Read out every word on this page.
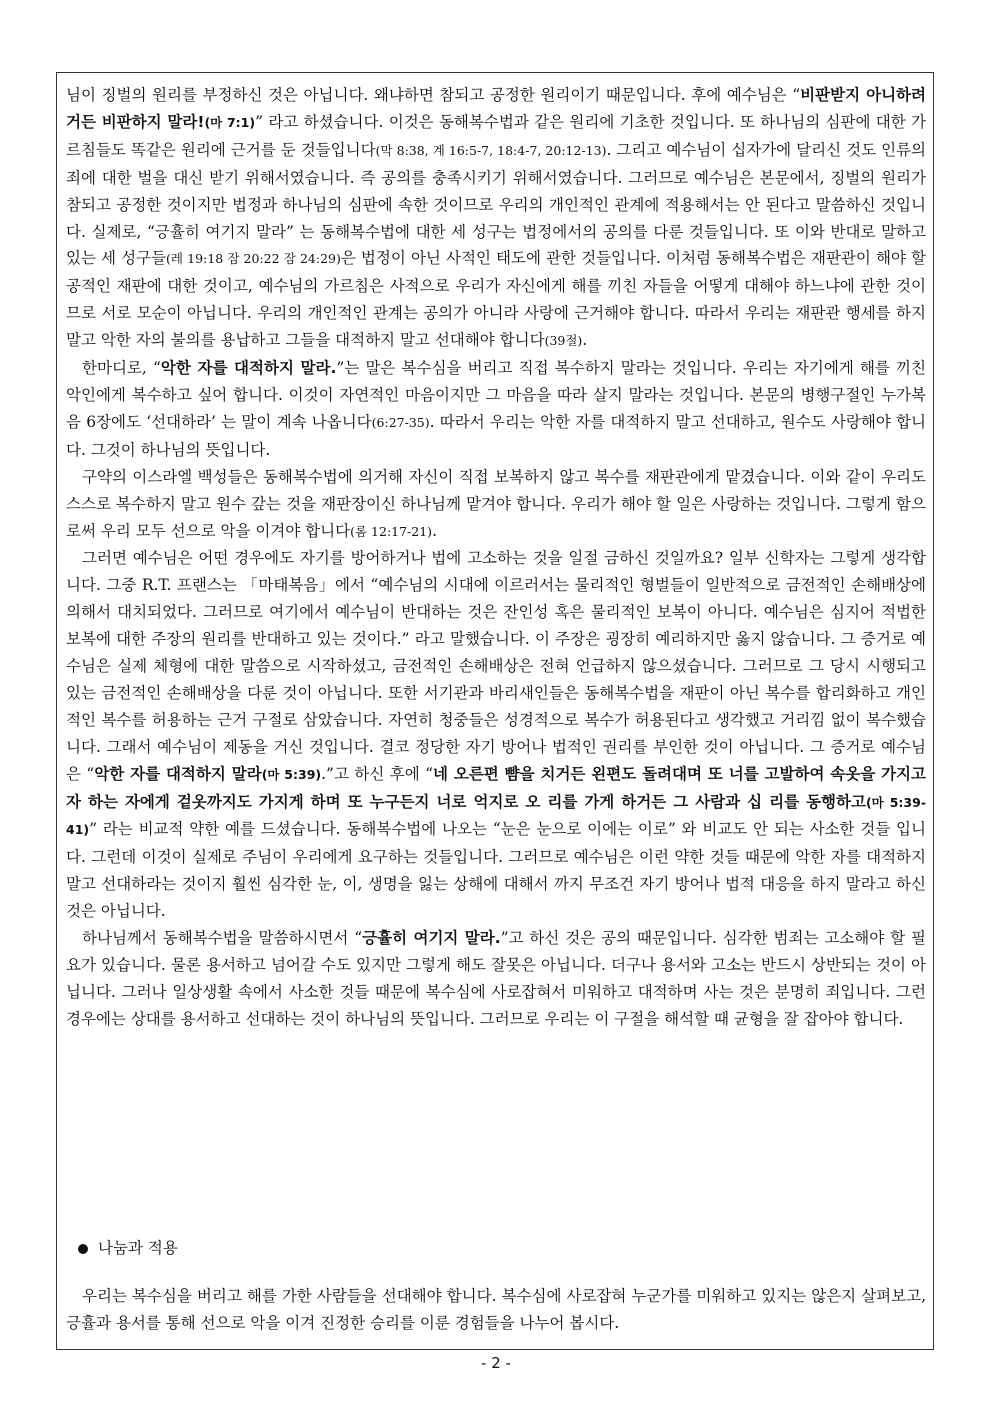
님이 징벌의 원리를 부정하신 것은 아닙니다. 왜냐하면 참되고 공정한 원리이기 때문입니다. 후에 예수님은 “비판받지 아니하려거든 비판하지 말라!(마 7:1)” 라고 하셨습니다. 이것은 동해복수법과 같은 원리에 기초한 것입니다. 또 하나님의 심판에 대한 가르침들도 똑같은 원리에 근거를 둔 것들입니다(막 8:38, 계 16:5-7, 18:4-7, 20:12-13). 그리고 예수님이 십자가에 달리신 것도 인류의 죄에 대한 벌을 대신 받기 위해서였습니다. 즉 공의를 충족시키기 위해서였습니다. 그러므로 예수님은 본문에서, 징벌의 원리가 참되고 공정한 것이지만 법정과 하나님의 심판에 속한 것이므로 우리의 개인적인 관계에 적용해서는 안 된다고 말씀하신 것입니다. 실제로, “긍휼히 여기지 말라” 는 동해복수법에 대한 세 성구는 법정에서의 공의를 다룬 것들입니다. 또 이와 반대로 말하고 있는 세 성구들(레 19:18 잠 20:22 잠 24:29)은 법정이 아닌 사적인 태도에 관한 것들입니다. 이처럼 동해복수법은 재판관이 해야 할 공적인 재판에 대한 것이고, 예수님의 가르침은 사적으로 우리가 자신에게 해를 끼친 자들을 어떻게 대해야 하느냐에 관한 것이므로 서로 모순이 아닙니다. 우리의 개인적인 관계는 공의가 아니라 사랑에 근거해야 합니다. 따라서 우리는 재판관 행세를 하지 말고 악한 자의 불의를 용납하고 그들을 대적하지 말고 선대해야 합니다(39절).

한마디로, “악한 자를 대적하지 말라.”는 말은 복수심을 버리고 직접 복수하지 말라는 것입니다. 우리는 자기에게 해를 끼친 악인에게 복수하고 싶어 합니다. 이것이 자연적인 마음이지만 그 마음을 따라 살지 말라는 것입니다. 본문의 병행구절인 누가복음 6장에도 ‘선대하라’ 는 말이 계속 나옵니다(6:27-35). 따라서 우리는 악한 자를 대적하지 말고 선대하고, 원수도 사랑해야 합니다. 그것이 하나님의 뜻입니다.

구약의 이스라엘 백성들은 동해복수법에 의거해 자신이 직접 보복하지 않고 복수를 재판관에게 맡겼습니다. 이와 같이 우리도 스스로 복수하지 말고 원수 갚는 것을 재판장이신 하나님께 맡겨야 합니다. 우리가 해야 할 일은 사랑하는 것입니다. 그렇게 함으로써 우리 모두 선으로 악을 이겨야 합니다(롬 12:17-21).

그러면 예수님은 어떤 경우에도 자기를 방어하거나 법에 고소하는 것을 일절 금하신 것일까요? 일부 신학자는 그렇게 생각합니다. 그중 R.T. 프랜스는 「마태복음」에서 “예수님의 시대에 이르러서는 물리적인 형벌들이 일반적으로 금전적인 손해배상에 의해서 대치되었다. 그러므로 여기에서 예수님이 반대하는 것은 잔인성 혹은 물리적인 보복이 아니다. 예수님은 심지어 적법한 보복에 대한 주장의 원리를 반대하고 있는 것이다.” 라고 말했습니다. 이 주장은 굉장히 예리하지만 옳지 않습니다. 그 증거로 예수님은 실제 체형에 대한 말씀으로 시작하셨고, 금전적인 손해배상은 전혀 언급하지 않으셨습니다. 그러므로 그 당시 시행되고 있는 금전적인 손해배상을 다룬 것이 아닙니다. 또한 서기관과 바리새인들은 동해복수법을 재판이 아닌 복수를 합리화하고 개인적인 복수를 허용하는 근거 구절로 삼았습니다. 자연히 청중들은 성경적으로 복수가 허용된다고 생각했고 거리낌 없이 복수했습니다. 그래서 예수님이 제동을 거신 것입니다. 결코 정당한 자기 방어나 법적인 권리를 부인한 것이 아닙니다. 그 증거로 예수님은 “악한 자를 대적하지 말라(마 5:39).”고 하신 후에 “네 오른편 뺨을 치거든 왼편도 돌려대며 또 너를 고발하여 속옷을 가지고자 하는 자에게 겉옷까지도 가지게 하며 또 누구든지 너로 억지로 오 리를 가게 하거든 그 사람과 십 리를 동행하고(마 5:39-41)” 라는 비교적 약한 예를 드셨습니다. 동해복수법에 나오는 “눈은 눈으로 이에는 이로” 와 비교도 안 되는 사소한 것들 입니다. 그런데 이것이 실제로 주님이 우리에게 요구하는 것들입니다. 그러므로 예수님은 이런 약한 것들 때문에 악한 자를 대적하지 말고 선대하라는 것이지 훨씬 심각한 눈, 이, 생명을 잃는 상해에 대해서 까지 무조건 자기 방어나 법적 대응을 하지 말라고 하신 것은 아닙니다.

하나님께서 동해복수법을 말씀하시면서 “긍휼히 여기지 말라.”고 하신 것은 공의 때문입니다. 심각한 범죄는 고소해야 할 필요가 있습니다. 물론 용서하고 넘어갈 수도 있지만 그렇게 해도 잘못은 아닙니다. 더구나 용서와 고소는 반드시 상반되는 것이 아닙니다. 그러나 일상생활 속에서 사소한 것들 때문에 복수심에 사로잡혀서 미워하고 대적하며 사는 것은 분명히 죄입니다. 그런 경우에는 상대를 용서하고 선대하는 것이 하나님의 뜻입니다. 그러므로 우리는 이 구절을 해석할 때 균형을 잘 잡아야 합니다.

나눔과 적용

우리는 복수심을 버리고 해를 가한 사람들을 선대해야 합니다. 복수심에 사로잡혀 누군가를 미워하고 있지는 않은지 살펴보고, 긍휼과 용서를 통해 선으로 악을 이겨 진정한 승리를 이룬 경험들을 나누어 봅시다.

- 2 -
